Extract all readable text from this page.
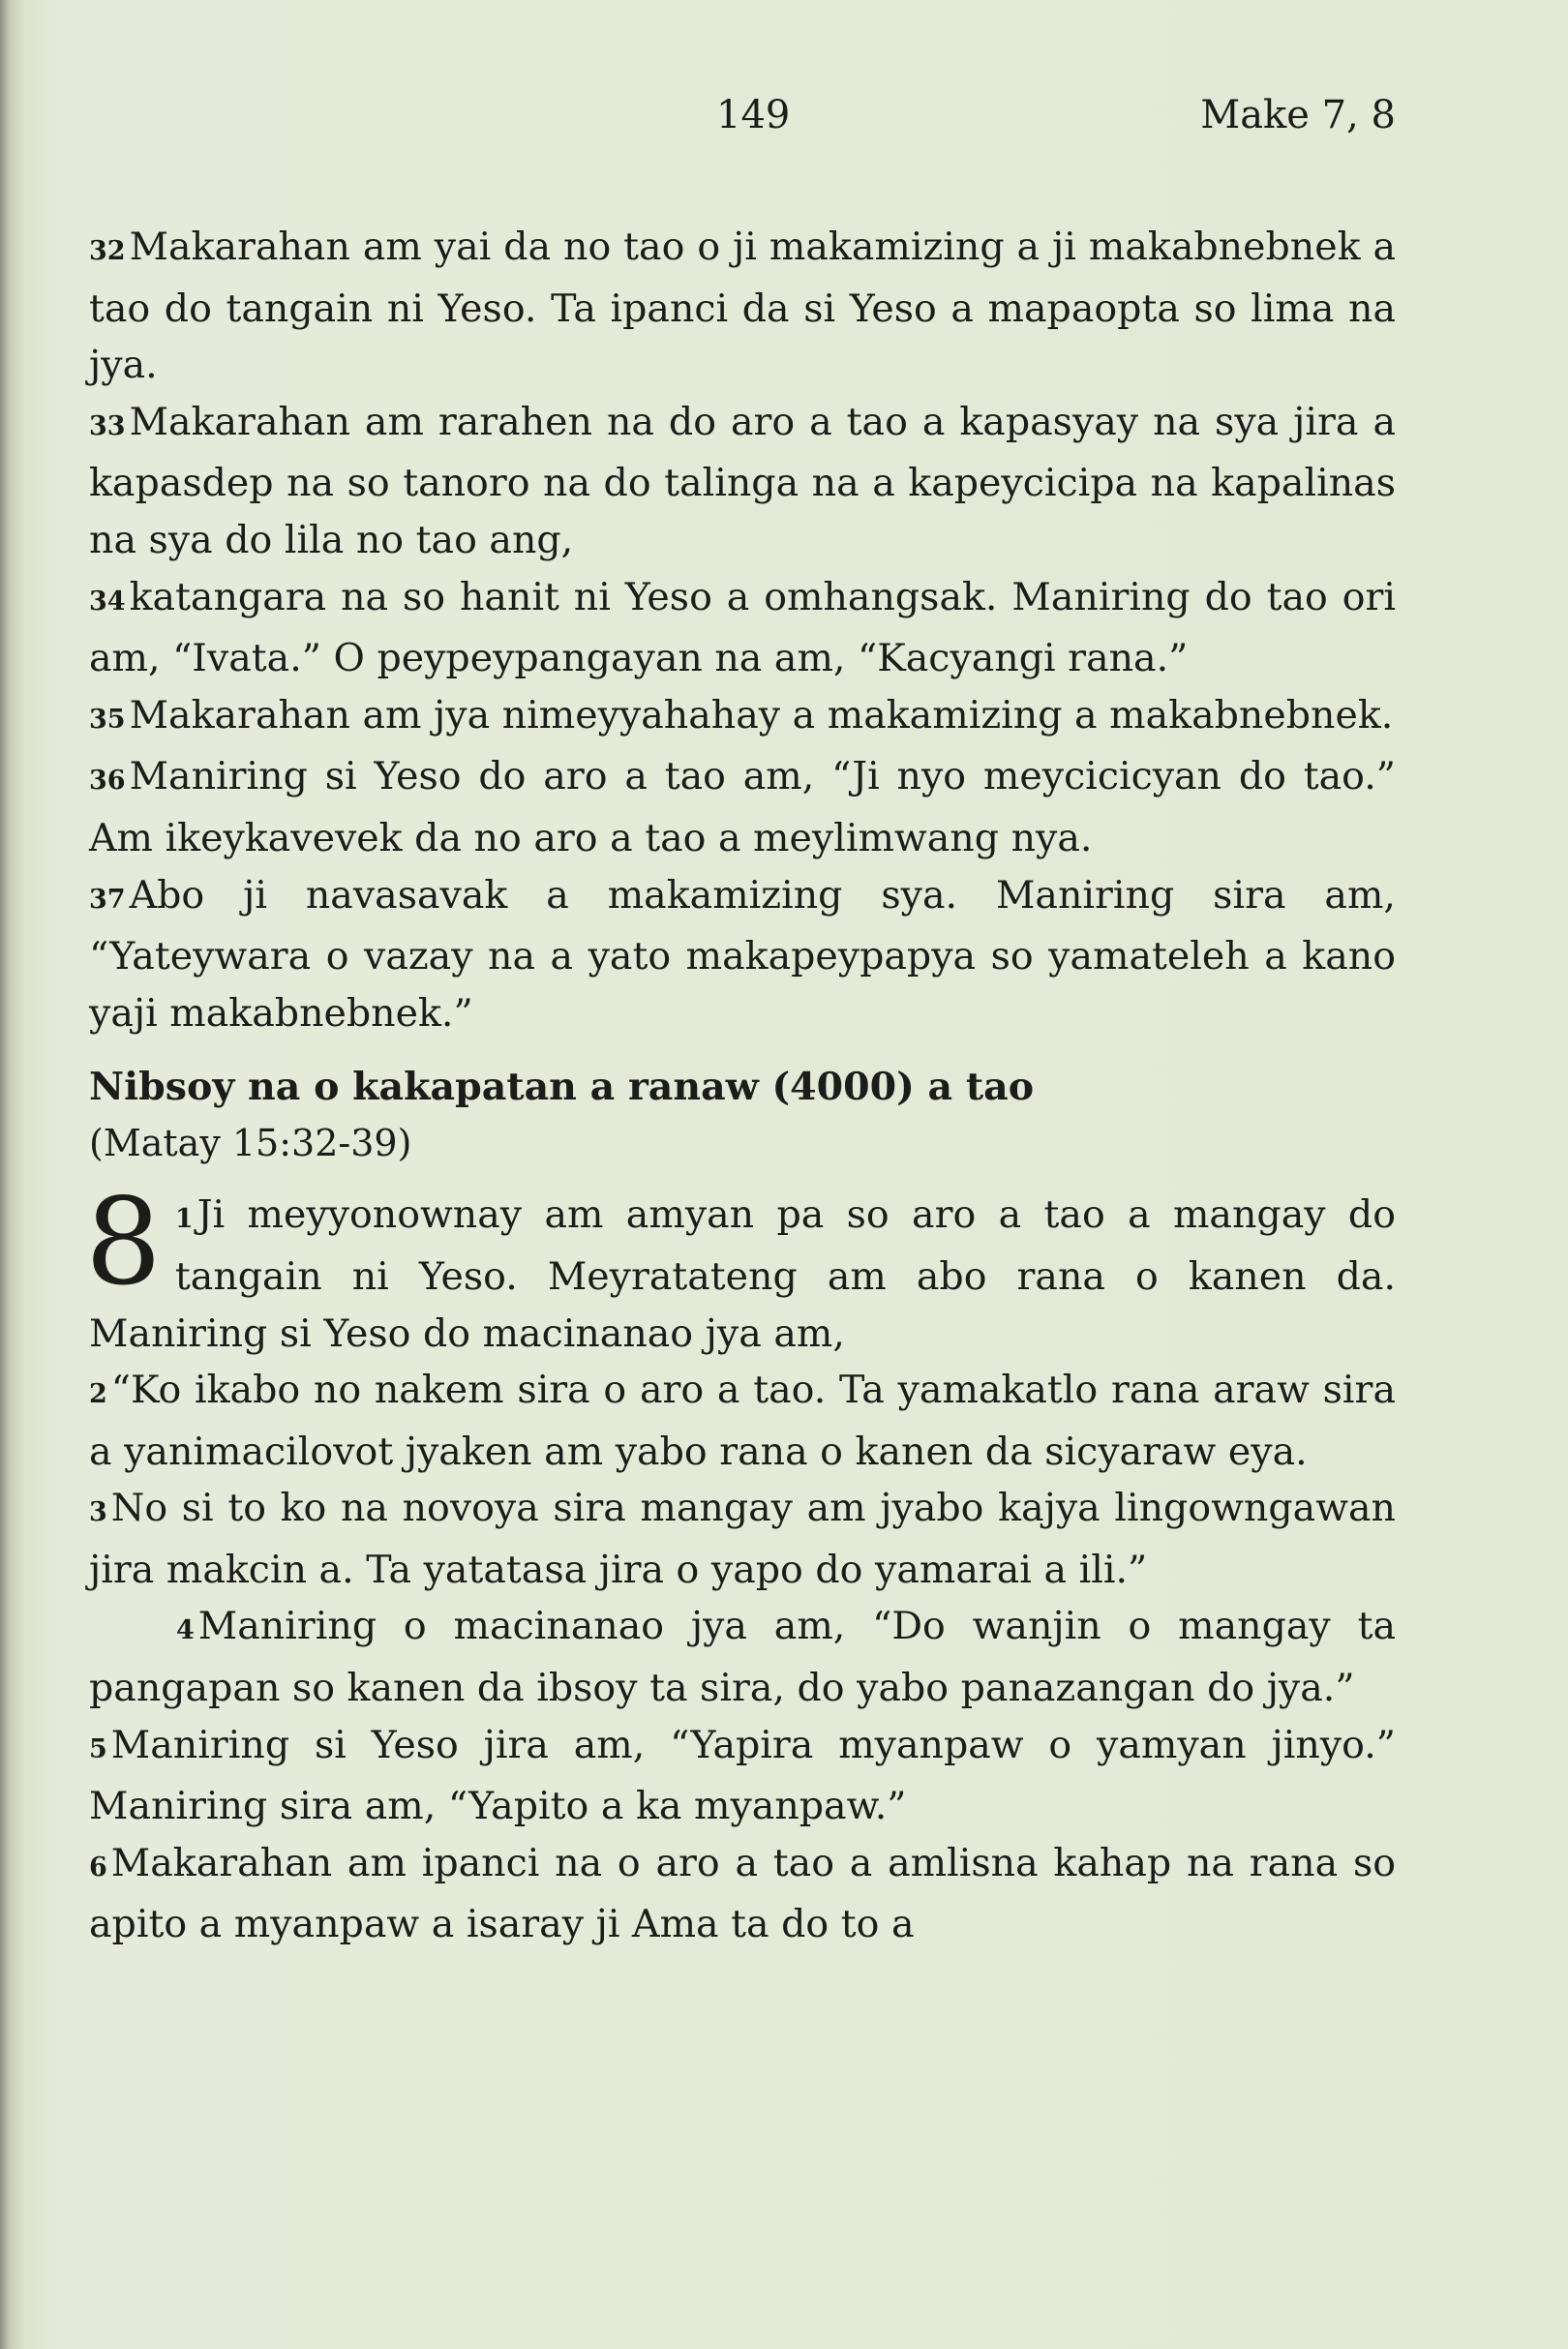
149	Make 7, 8

32 Makarahan am yai da no tao o ji makamizing a ji makabnebnek a tao do tangain ni Yeso. Ta ipanci da si Yeso a mapaopta so lima na jya.

33 Makarahan am rarahen na do aro a tao a kapasyay na sya jira a kapasdep na so tanoro na do talinga na a kapeycicipa na kapalinas na sya do lila no tao ang,

34 katangara na so hanit ni Yeso a omhangsak. Maniring do tao ori am, “Ivata.” O peypeypangayan na am, “Kacyangi rana.”

35 Makarahan am jya nimeyyahahay a makamizing a makabnebnek.

36 Maniring si Yeso do aro a tao am, “Ji nyo meycicicyan do tao.” Am ikeykavevek da no aro a tao a meylimwang nya.

37 Abo ji navasavak a makamizing sya. Maniring sira am, “Yateywara o vazay na a yato makapeypapya so yamateleh a kano yaji makabnebnek.”

Nibsoy na o kakapatan a ranaw (4000) a tao

(Matay 15:32-39)

8 1 Ji meyyonownay am amyan pa so aro a tao a mangay do tangain ni Yeso. Meyratateng am abo rana o kanen da. Maniring si Yeso do macinanao jya am,

2 “Ko ikabo no nakem sira o aro a tao. Ta yamakatlo rana araw sira a yanimacilovot jyaken am yabo rana o kanen da sicyaraw eya.

3 No si to ko na novoya sira mangay am jyabo kajya lingowngawan jira makcin a. Ta yatatasa jira o yapo do yamarai a ili.”

4 Maniring o macinanao jya am, “Do wanjin o mangay ta pangapan so kanen da ibsoy ta sira, do yabo panazangan do jya.”

5 Maniring si Yeso jira am, “Yapira myanpaw o yamyan jinyo.” Maniring sira am, “Yapito a ka myanpaw.”

6 Makarahan am ipanci na o aro a tao a amlisna kahap na rana so apito a myanpaw a isaray ji Ama ta do to a
